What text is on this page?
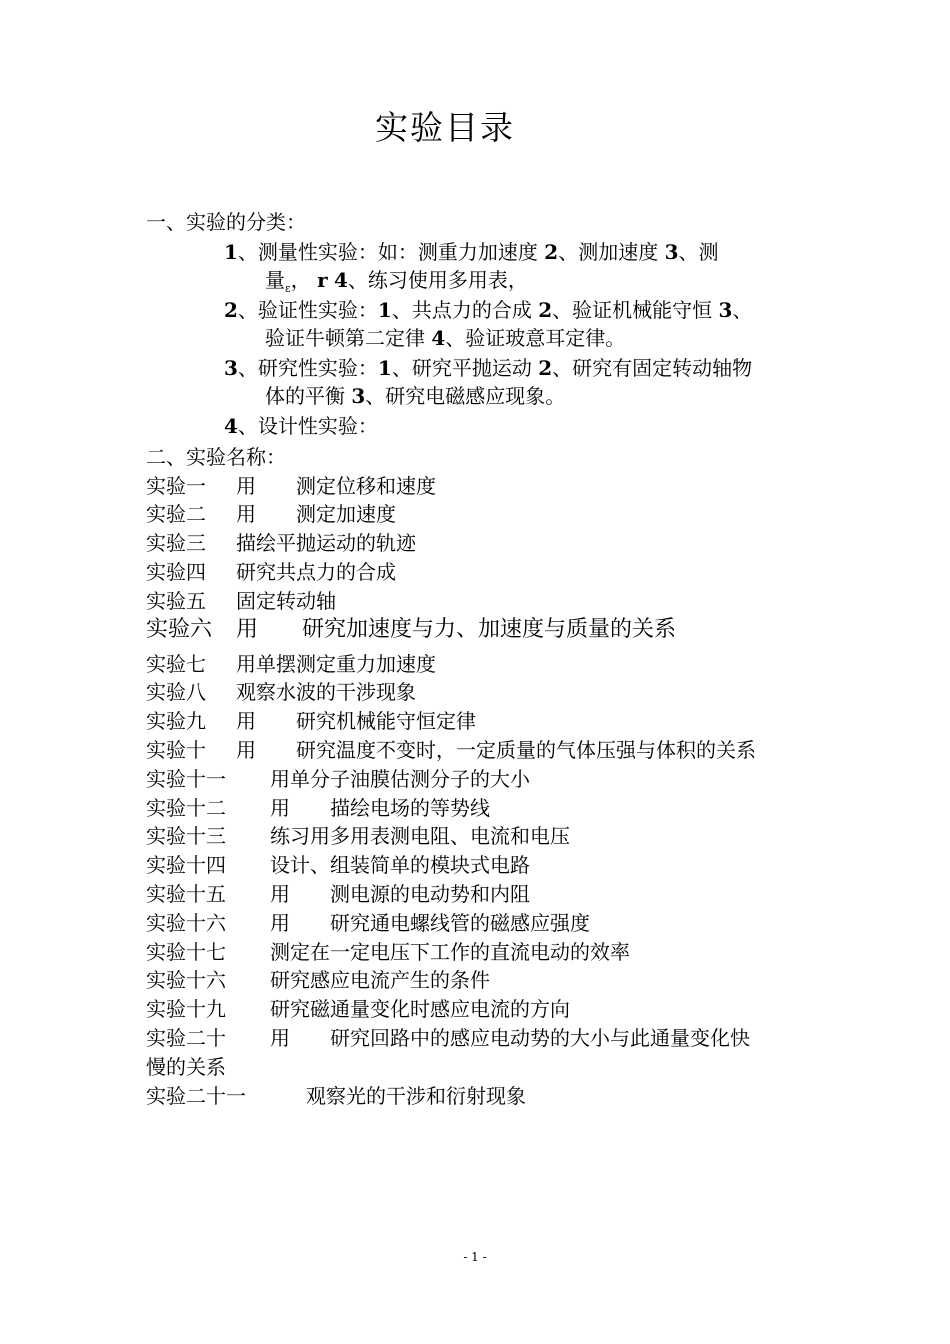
实验目录
一、实验的分类：
1、测量性实验：如：测重力加速度 2、测加速度 3、测
量$_\varepsilon$， r 4、练习使用多用表，
2、验证性实验：1、共点力的合成 2、验证机械能守恒 3、
验证牛顿第二定律 4、验证玻意耳定律。
3、研究性实验：1、研究平抛运动 2、研究有固定转动轴物
体的平衡 3、研究电磁感应现象。
4、设计性实验：
二、实验名称：
实验一 用　　测定位移和速度
实验二 用　　测定加速度
实验三 描绘平抛运动的轨迹
实验四 研究共点力的合成
实验五 固定转动轴
实验六 用　　研究加速度与力、加速度与质量的关系
实验七 用单摆测定重力加速度
实验八 观察水波的干涉现象
实验九 用　　研究机械能守恒定律
实验十 用　　研究温度不变时，一定质量的气体压强与体积的关系
实验十一 用单分子油膜估测分子的大小
实验十二 用　　描绘电场的等势线
实验十三 练习用多用表测电阻、电流和电压
实验十四 设计、组装简单的模块式电路
实验十五 用　　测电源的电动势和内阻
实验十六 用　　研究通电螺线管的磁感应强度
实验十七 测定在一定电压下工作的直流电动的效率
实验十六 研究感应电流产生的条件
实验十九 研究磁通量变化时感应电流的方向
实验二十 用　　研究回路中的感应电动势的大小与此通量变化快
慢的关系
实验二十一	观察光的干涉和衍射现象
- 1 -
